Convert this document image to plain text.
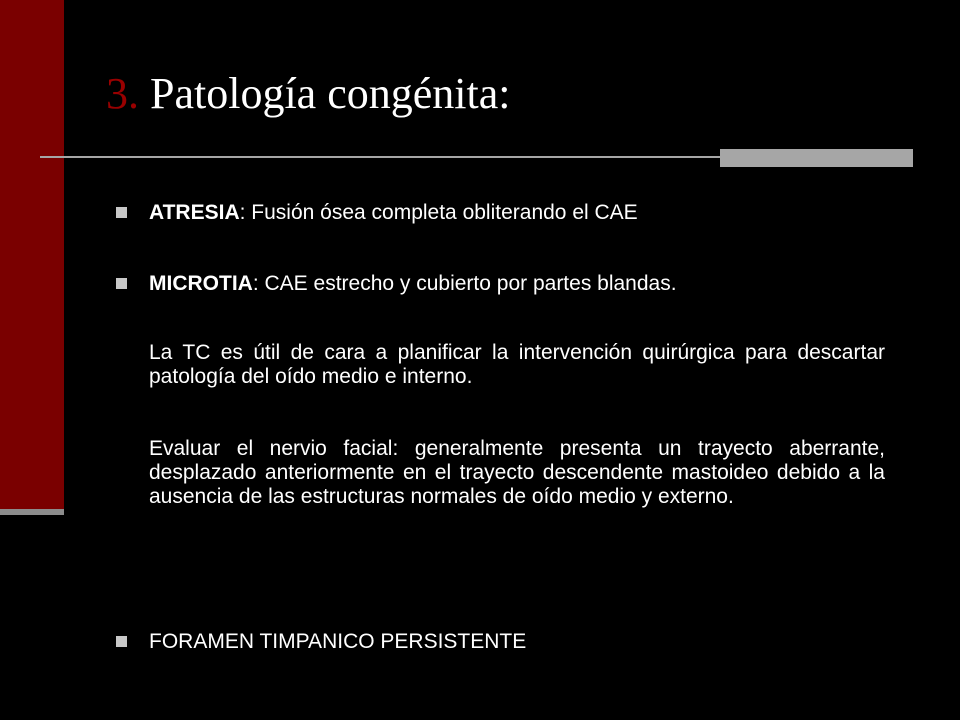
3. Patología congénita:

ATRESIA: Fusión ósea completa obliterando el CAE

MICROTIA: CAE estrecho y cubierto por partes blandas.

La TC es útil de cara a planificar la intervención quirúrgica para descartar patología del oído medio e interno.

Evaluar el nervio facial: generalmente presenta un trayecto aberrante, desplazado anteriormente en el trayecto descendente mastoideo debido a la ausencia de las estructuras normales de oído medio y externo.

FORAMEN TIMPANICO PERSISTENTE
